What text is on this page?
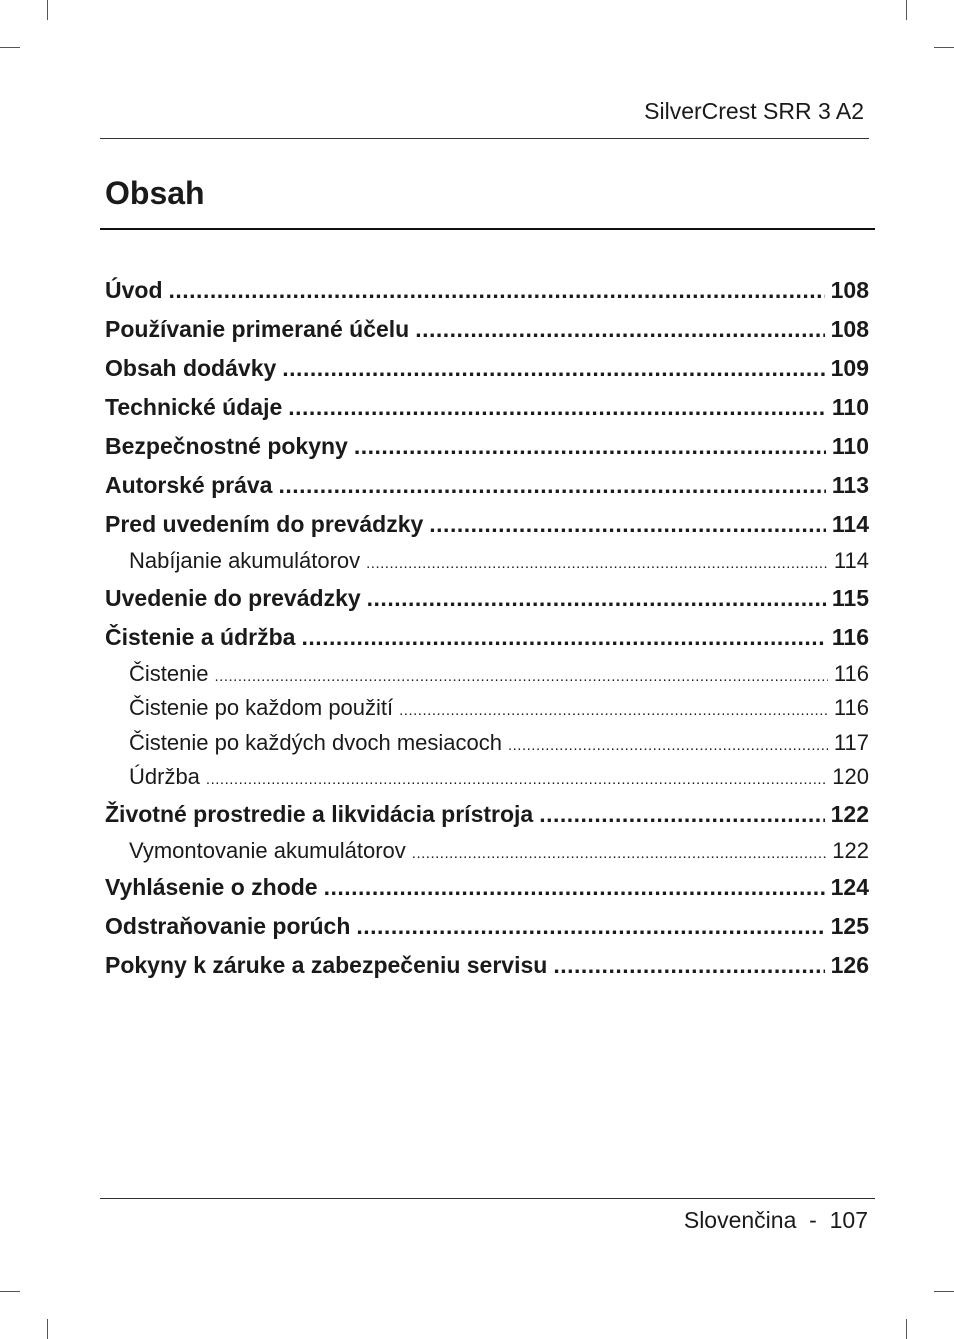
SilverCrest SRR 3 A2
Obsah
Úvod .....	108
Používanie primerané účelu .....	108
Obsah dodávky .....	109
Technické údaje .....	110
Bezpečnostné pokyny .....	110
Autorské práva .....	113
Pred uvedením do prevádzky .....	114
Nabíjanie akumulátorov .....	114
Uvedenie do prevádzky .....	115
Čistenie a údržba .....	116
Čistenie .....	116
Čistenie po každom použití .....	116
Čistenie po každých dvoch mesiacoch .....	117
Údržba .....	120
Životné prostredie a likvidácia prístroja .....	122
Vymontovanie akumulátorov .....	122
Vyhlásenie o zhode .....	124
Odstraňovanie porúch .....	125
Pokyny k záruke a zabezpečeniu servisu .....	126
Slovenčina - 107
